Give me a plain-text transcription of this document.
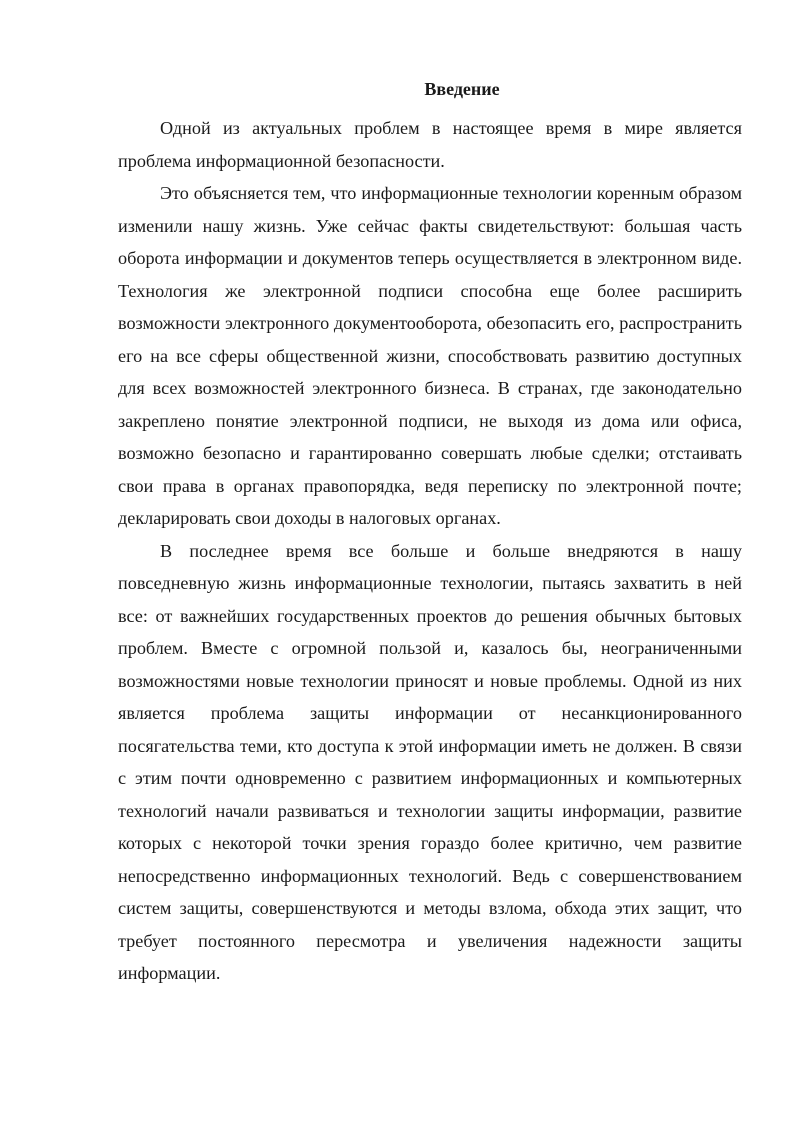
Введение

Одной из актуальных проблем в настоящее время в мире является проблема информационной безопасности.

Это объясняется тем, что информационные технологии коренным образом изменили нашу жизнь. Уже сейчас факты свидетельствуют: большая часть оборота информации и документов теперь осуществляется в электронном виде. Технология же электронной подписи способна еще более расширить возможности электронного документооборота, обезопасить его, распространить его на все сферы общественной жизни, способствовать развитию доступных для всех возможностей электронного бизнеса. В странах, где законодательно закреплено понятие электронной подписи, не выходя из дома или офиса, возможно безопасно и гарантированно совершать любые сделки; отстаивать свои права в органах правопорядка, ведя переписку по электронной почте; декларировать свои доходы в налоговых органах.

В последнее время все больше и больше внедряются в нашу повседневную жизнь информационные технологии, пытаясь захватить в ней все: от важнейших государственных проектов до решения обычных бытовых проблем. Вместе с огромной пользой и, казалось бы, неограниченными возможностями новые технологии приносят и новые проблемы. Одной из них является проблема защиты информации от несанкционированного посягательства теми, кто доступа к этой информации иметь не должен. В связи с этим почти одновременно с развитием информационных и компьютерных технологий начали развиваться и технологии защиты информации, развитие которых с некоторой точки зрения гораздо более критично, чем развитие непосредственно информационных технологий. Ведь с совершенствованием систем защиты, совершенствуются и методы взлома, обхода этих защит, что требует постоянного пересмотра и увеличения надежности защиты информации.
